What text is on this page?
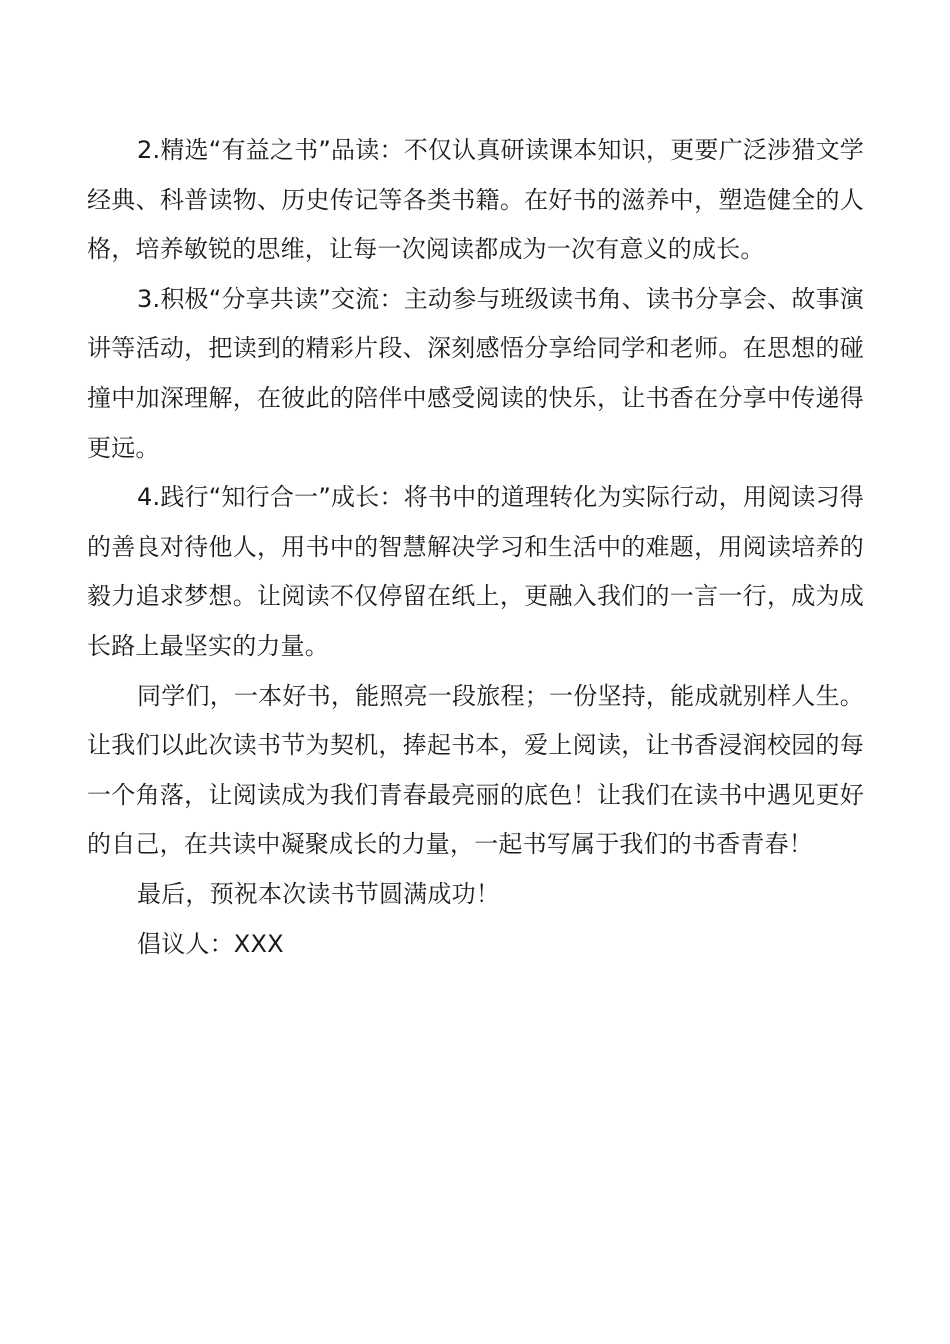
2.精选“有益之书”品读：不仅认真研读课本知识，更要广泛涉猎文学经典、科普读物、历史传记等各类书籍。在好书的滋养中，塑造健全的人格，培养敏锐的思维，让每一次阅读都成为一次有意义的成长。

3.积极“分享共读”交流：主动参与班级读书角、读书分享会、故事演讲等活动，把读到的精彩片段、深刻感悟分享给同学和老师。在思想的碰撞中加深理解，在彼此的陪伴中感受阅读的快乐，让书香在分享中传递得更远。

4.践行“知行合一”成长：将书中的道理转化为实际行动，用阅读习得的善良对待他人，用书中的智慧解决学习和生活中的难题，用阅读培养的毅力追求梦想。让阅读不仅停留在纸上，更融入我们的一言一行，成为成长路上最坚实的力量。

同学们，一本好书，能照亮一段旅程；一份坚持，能成就别样人生。让我们以此次读书节为契机，捧起书本，爱上阅读，让书香浸润校园的每一个角落，让阅读成为我们青春最亮丽的底色！让我们在读书中遇见更好的自己，在共读中凝聚成长的力量，一起书写属于我们的书香青春！

最后，预祝本次读书节圆满成功！

倡议人：XXX
